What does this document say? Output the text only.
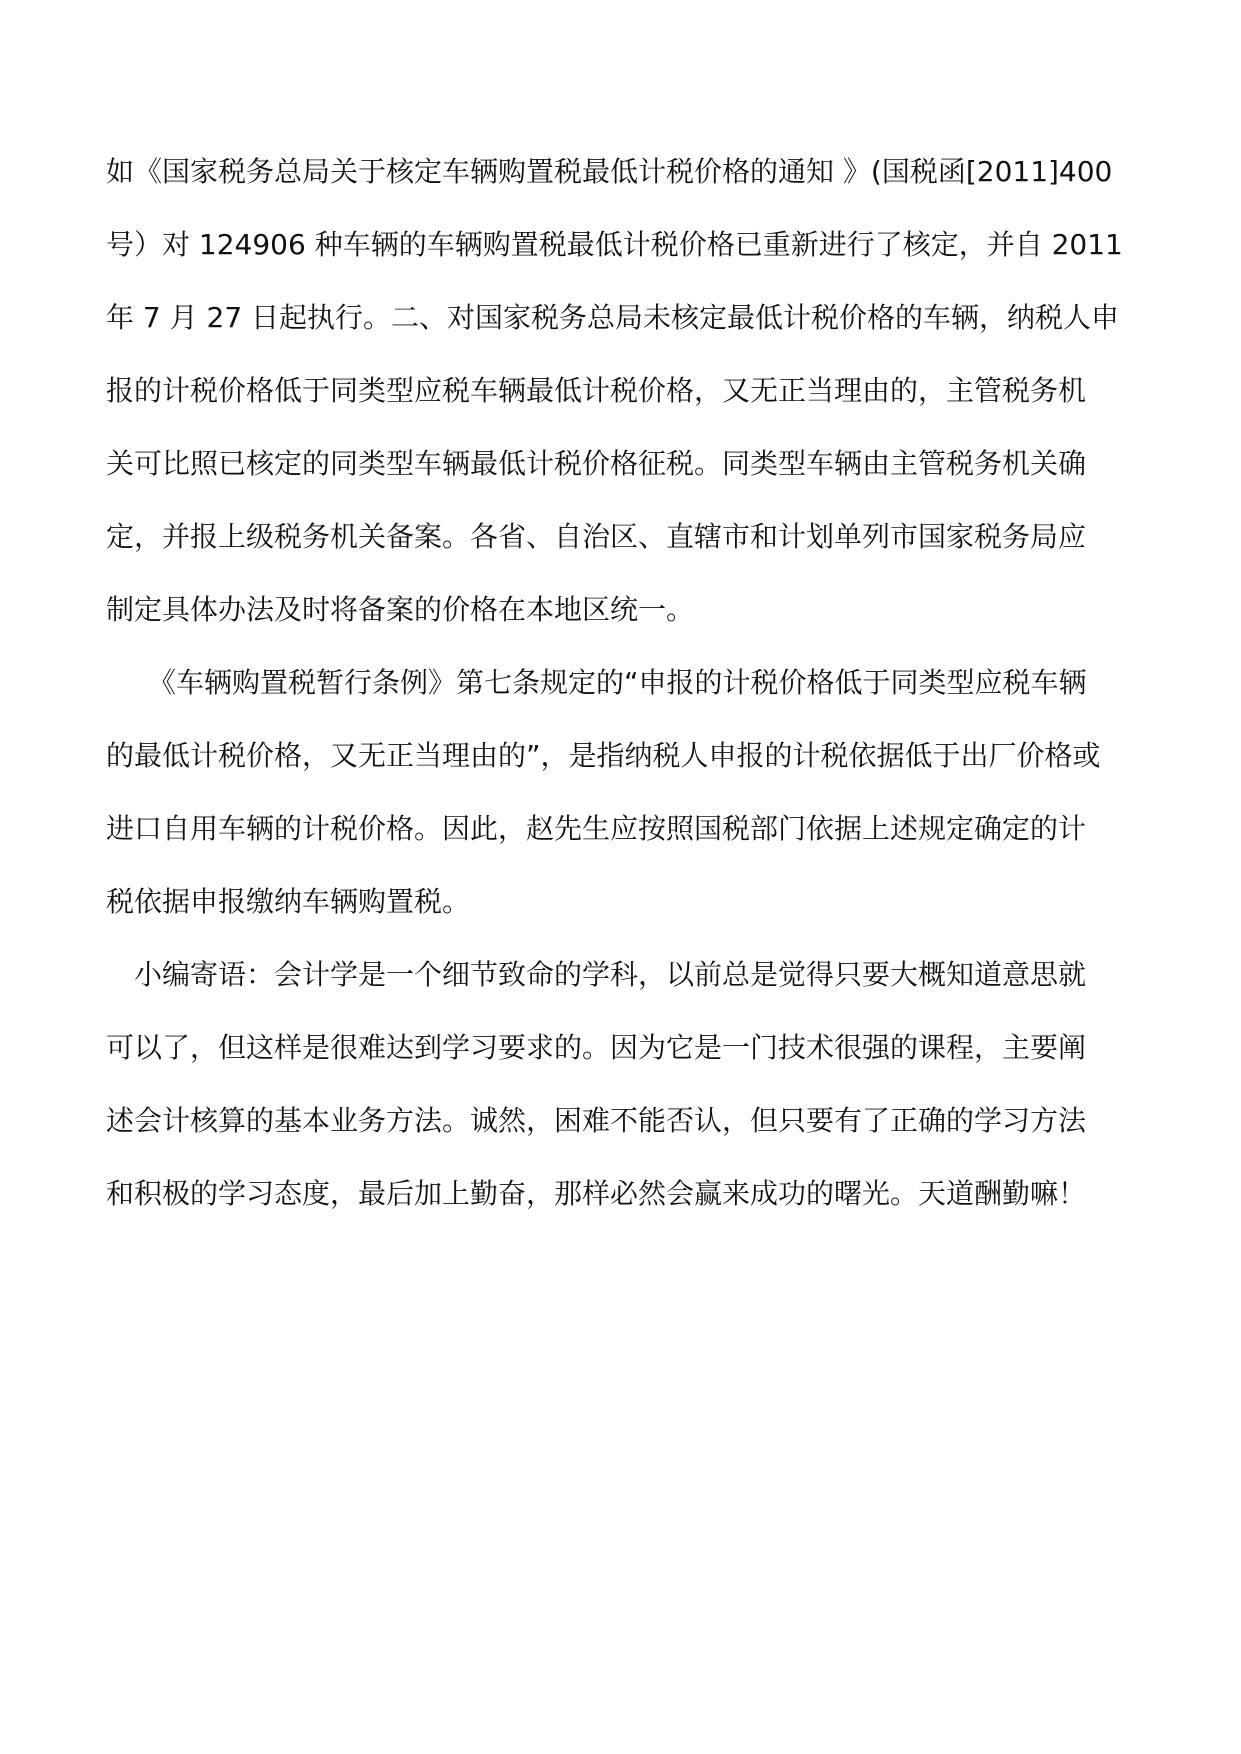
如《国家税务总局关于核定车辆购置税最低计税价格的通知 》(国税函[2011]400
号）对 124906 种车辆的车辆购置税最低计税价格已重新进行了核定，并自 2011
年 7 月 27 日起执行。二、对国家税务总局未核定最低计税价格的车辆，纳税人申
报的计税价格低于同类型应税车辆最低计税价格，又无正当理由的，主管税务机
关可比照已核定的同类型车辆最低计税价格征税。同类型车辆由主管税务机关确
定，并报上级税务机关备案。各省、自治区、直辖市和计划单列市国家税务局应
制定具体办法及时将备案的价格在本地区统一。
《车辆购置税暂行条例》第七条规定的“申报的计税价格低于同类型应税车辆
的最低计税价格，又无正当理由的”，是指纳税人申报的计税依据低于出厂价格或
进口自用车辆的计税价格。因此，赵先生应按照国税部门依据上述规定确定的计
税依据申报缴纳车辆购置税。
小编寄语：会计学是一个细节致命的学科，以前总是觉得只要大概知道意思就
可以了，但这样是很难达到学习要求的。因为它是一门技术很强的课程，主要阐
述会计核算的基本业务方法。诚然，困难不能否认，但只要有了正确的学习方法
和积极的学习态度，最后加上勤奋，那样必然会赢来成功的曙光。天道酬勤嘛！
